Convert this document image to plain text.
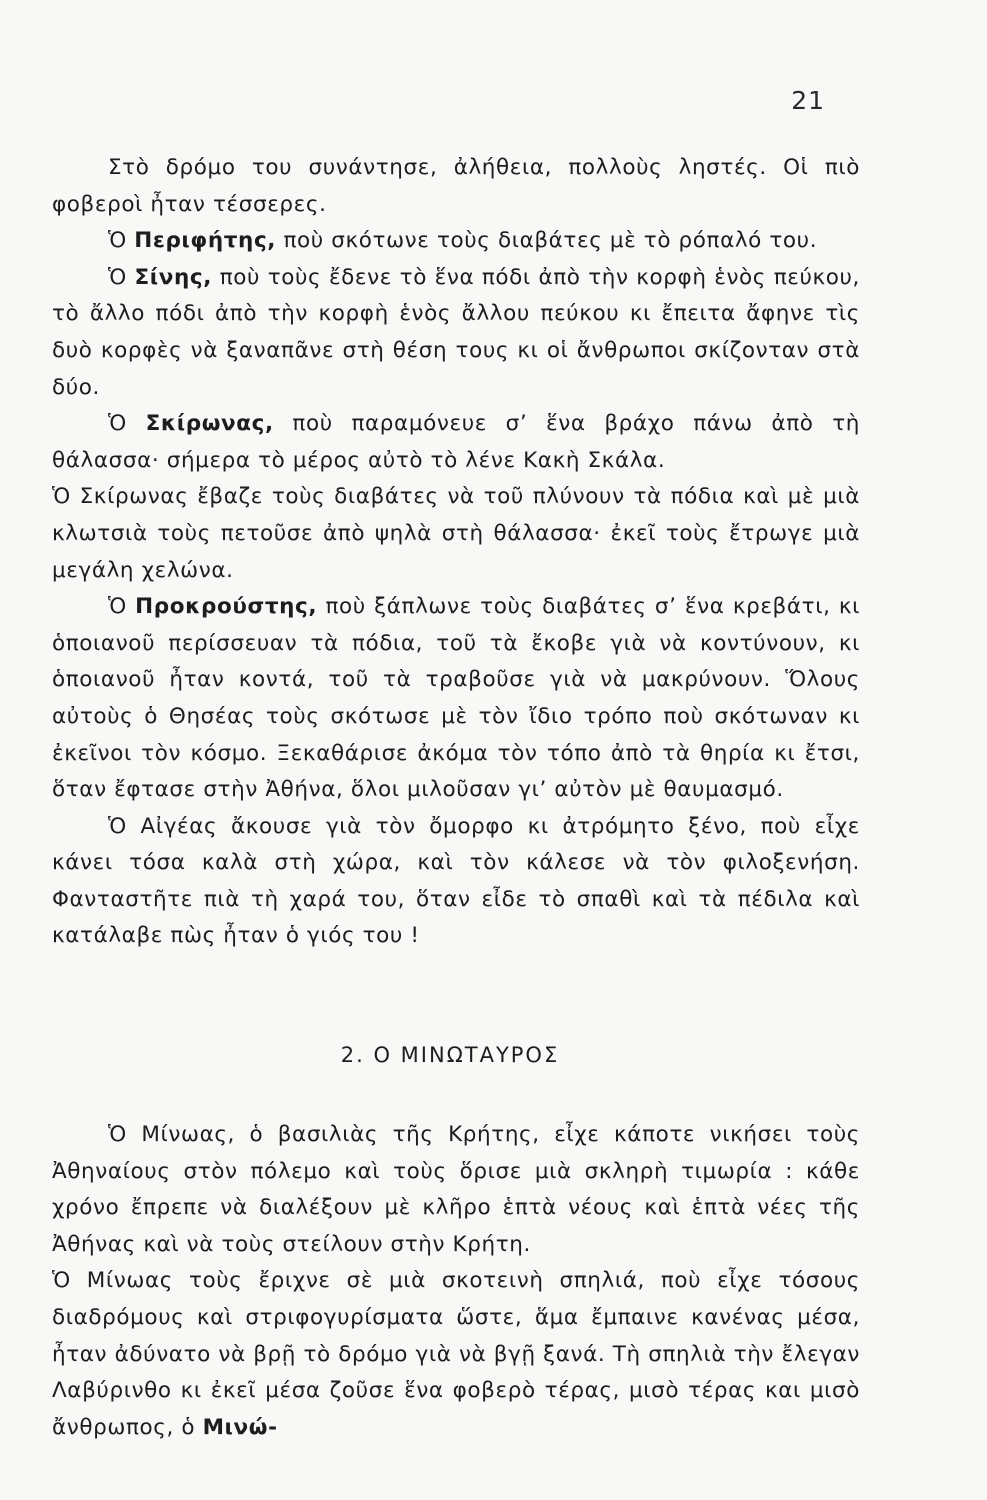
21

Στὸ δρόμο του συνάντησε, ἀλήθεια, πολλοὺς ληστές. Οἱ πιὸ φοβεροὶ ἦταν τέσσερες.

Ὁ Περιφήτης, ποὺ σκότωνε τοὺς διαβάτες μὲ τὸ ρόπαλό του.

Ὁ Σίνης, ποὺ τοὺς ἔδενε τὸ ἕνα πόδι ἀπὸ τὴν κορφὴ ἑνὸς πεύκου, τὸ ἄλλο πόδι ἀπὸ τὴν κορφὴ ἑνὸς ἄλλου πεύκου κι ἔπειτα ἄφηνε τὶς δυὸ κορφὲς νὰ ξαναπᾶνε στὴ θέση τους κι οἱ ἄνθρωποι σκίζονταν στὰ δύο.

Ὁ Σκίρωνας, ποὺ παραμόνευε σ’ ἕνα βράχο πάνω ἀπὸ τὴ θάλασσα· σήμερα τὸ μέρος αὐτὸ τὸ λένε Κακὴ Σκάλα.

Ὁ Σκίρωνας ἔβαζε τοὺς διαβάτες νὰ τοῦ πλύνουν τὰ πόδια καὶ μὲ μιὰ κλωτσιὰ τοὺς πετοῦσε ἀπὸ ψηλὰ στὴ θάλασσα· ἐκεῖ τοὺς ἔτρωγε μιὰ μεγάλη χελώνα.

Ὁ Προκρούστης, ποὺ ξάπλωνε τοὺς διαβάτες σ’ ἕνα κρεβάτι, κι ὁποιανοῦ περίσσευαν τὰ πόδια, τοῦ τὰ ἔκοβε γιὰ νὰ κοντύνουν, κι ὁποιανοῦ ἦταν κοντά, τοῦ τὰ τραβοῦσε γιὰ νὰ μακρύνουν. Ὅλους αὐτοὺς ὁ Θησέας τοὺς σκότωσε μὲ τὸν ἴδιο τρόπο ποὺ σκότωναν κι ἐκεῖνοι τὸν κόσμο. Ξεκαθάρισε ἀκόμα τὸν τόπο ἀπὸ τὰ θηρία κι ἔτσι, ὅταν ἔφτασε στὴν Ἀθήνα, ὅλοι μιλοῦσαν γι’ αὐτὸν μὲ θαυμασμό.

Ὁ Αἰγέας ἄκουσε γιὰ τὸν ὄμορφο κι ἀτρόμητο ξένο, ποὺ εἶχε κάνει τόσα καλὰ στὴ χώρα, καὶ τὸν κάλεσε νὰ τὸν φιλοξενήση. Φανταστῆτε πιὰ τὴ χαρά του, ὅταν εἶδε τὸ σπαθὶ καὶ τὰ πέδιλα καὶ κατάλαβε πὼς ἦταν ὁ γιός του !

2. Ο ΜΙΝΩΤΑΥΡΟΣ

Ὁ Μίνωας, ὁ βασιλιὰς τῆς Κρήτης, εἶχε κάποτε νικήσει τοὺς Ἀθηναίους στὸν πόλεμο καὶ τοὺς ὅρισε μιὰ σκληρὴ τιμωρία : κάθε χρόνο ἔπρεπε νὰ διαλέξουν μὲ κλῆρο ἑπτὰ νέους καὶ ἑπτὰ νέες τῆς Ἀθήνας καὶ νὰ τοὺς στείλουν στὴν Κρήτη.

Ὁ Μίνωας τοὺς ἔριχνε σὲ μιὰ σκοτεινὴ σπηλιά, ποὺ εἶχε τόσους διαδρόμους καὶ στριφογυρίσματα ὥστε, ἅμα ἔμπαινε κανένας μέσα, ἦταν ἀδύνατο νὰ βρῇ τὸ δρόμο γιὰ νὰ βγῇ ξανά. Τὴ σπηλιὰ τὴν ἔλεγαν Λαβύρινθο κι ἐκεῖ μέσα ζοῦσε ἕνα φοβερὸ τέρας, μισὸ τέρας και μισὸ ἄνθρωπος, ὁ Μινώ-
